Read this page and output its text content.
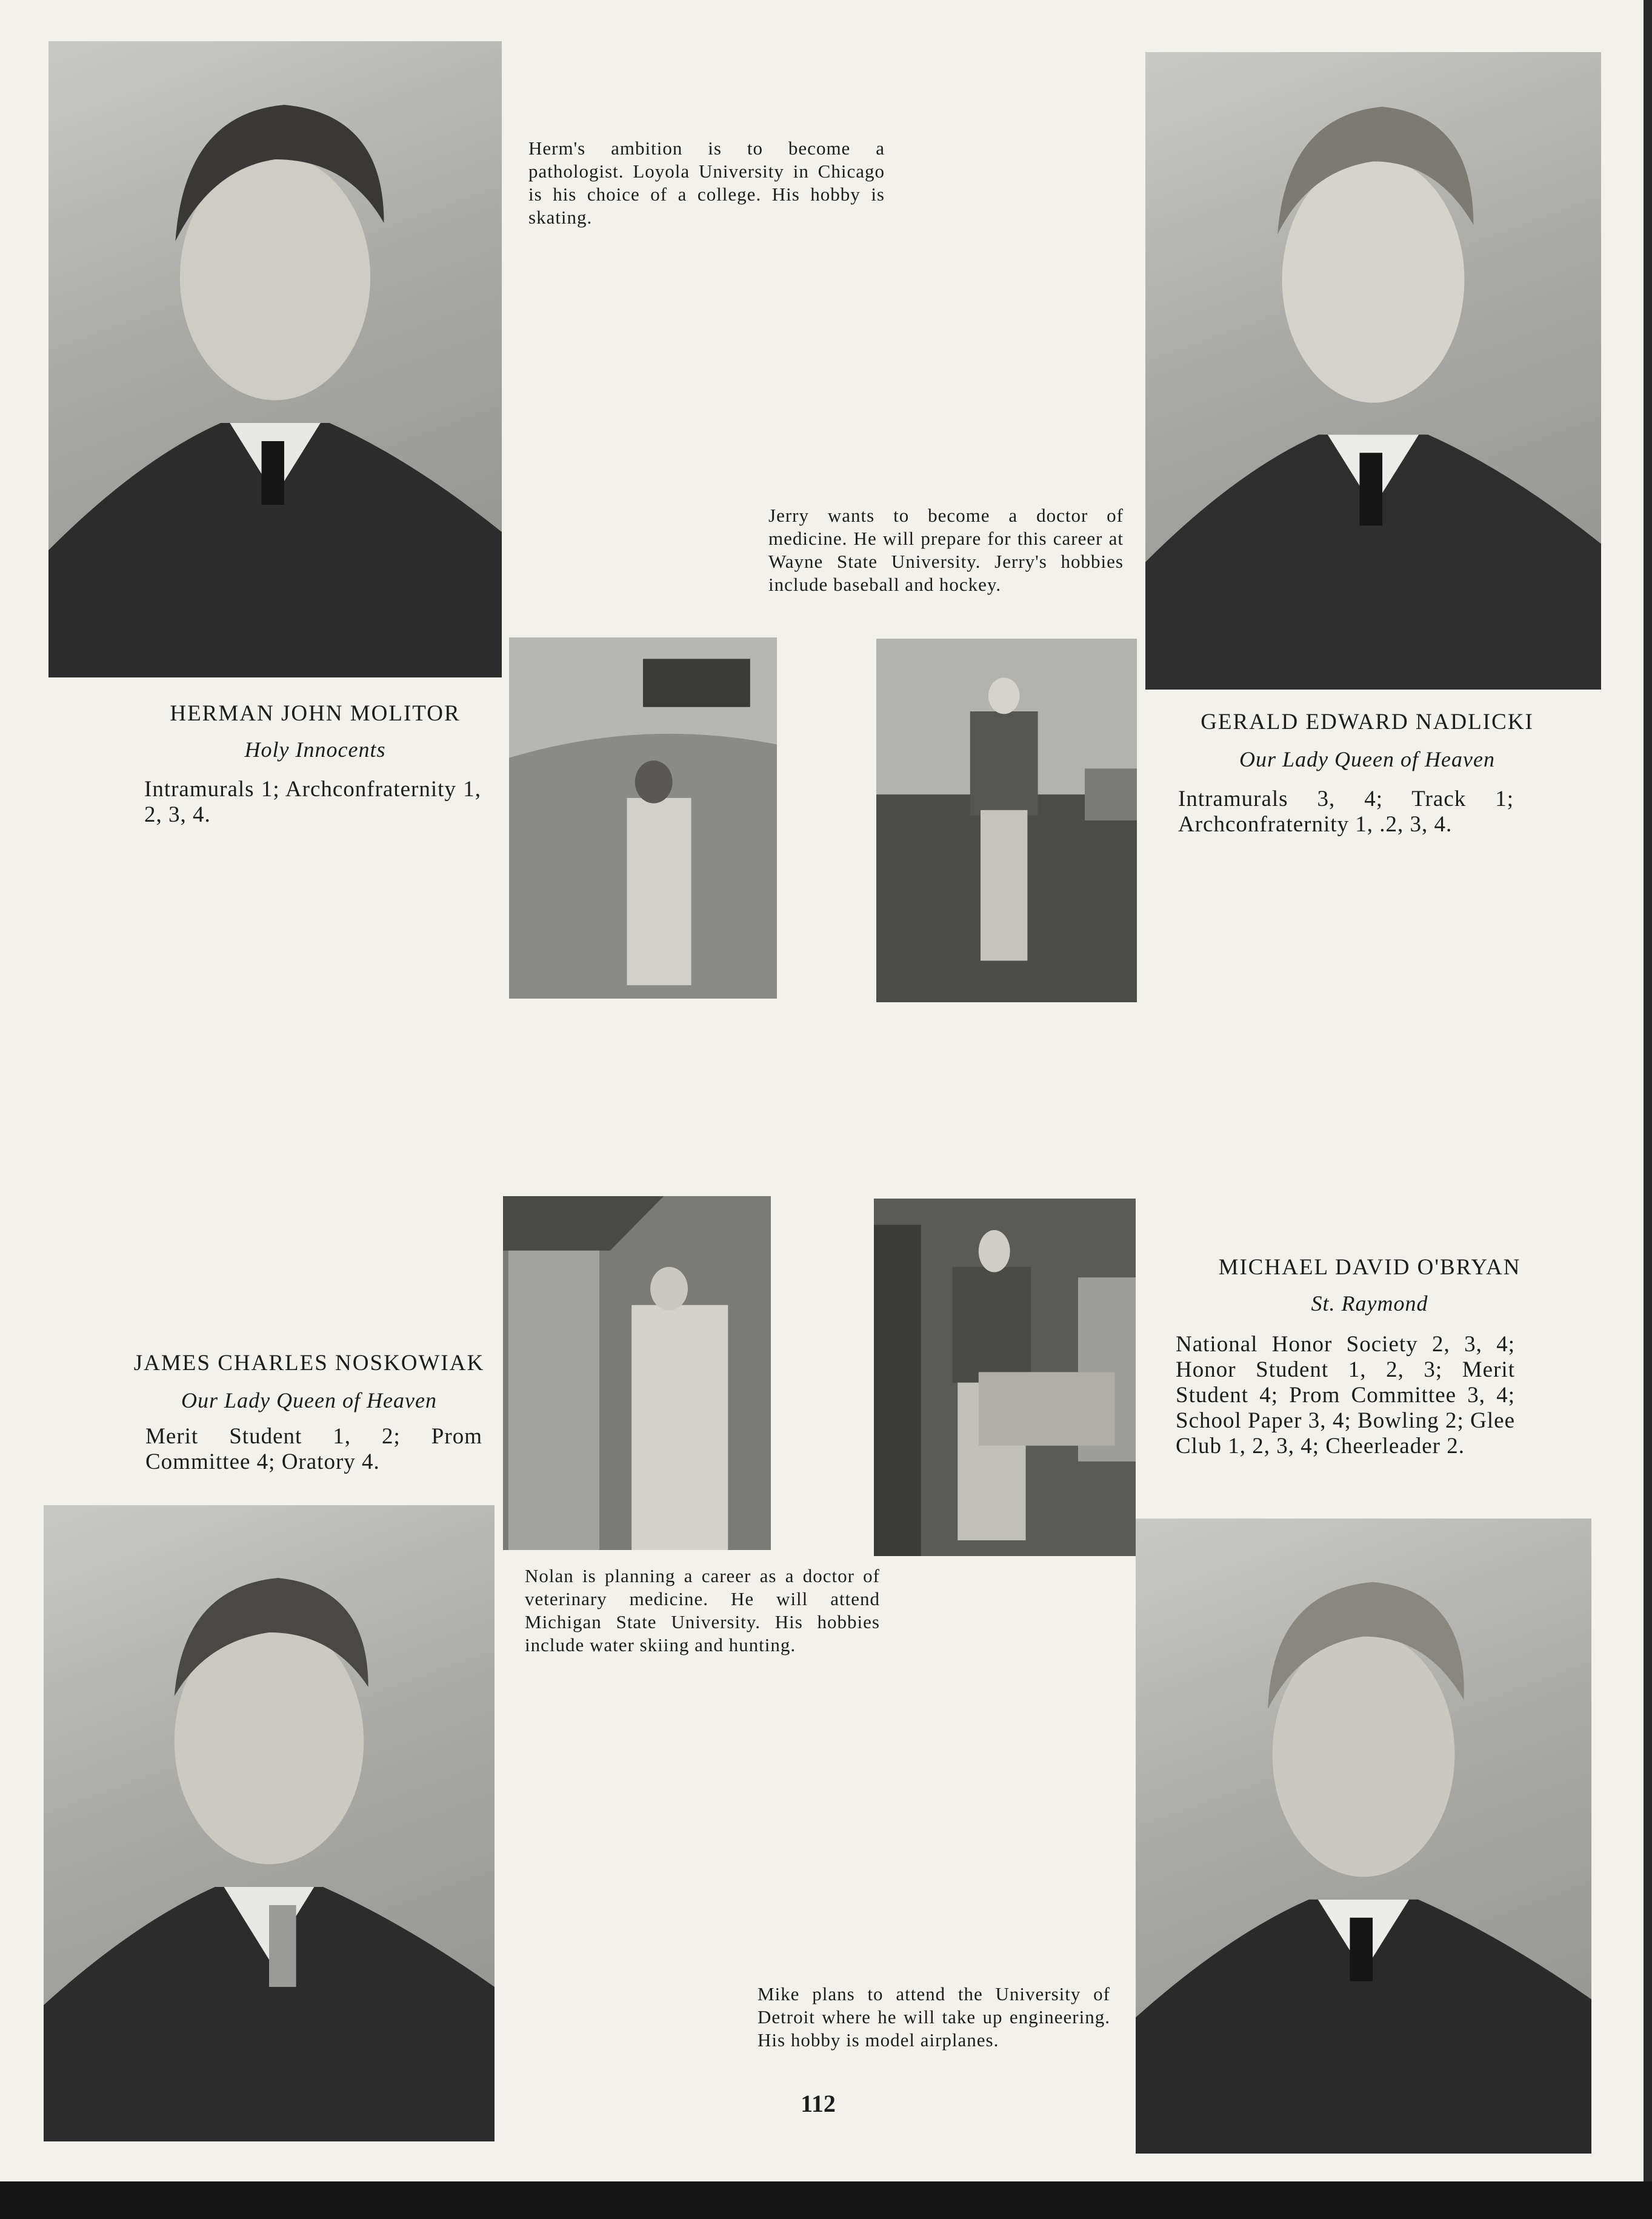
Herm's ambition is to become a pathologist. Loyola University in Chicago is his choice of a college. His hobby is skating.

Jerry wants to become a doctor of medicine. He will prepare for this career at Wayne State University. Jerry's hobbies include baseball and hockey.

HERMAN JOHN MOLITOR

Holy Innocents

Intramurals 1; Archconfraternity 1, 2, 3, 4.

GERALD EDWARD NADLICKI

Our Lady Queen of Heaven

Intramurals 3, 4; Track 1; Archconfraternity 1, .2, 3, 4.

MICHAEL DAVID O'BRYAN

St. Raymond

National Honor Society 2, 3, 4; Honor Student 1, 2, 3; Merit Student 4; Prom Committee 3, 4; School Paper 3, 4; Bowling 2; Glee Club 1, 2, 3, 4; Cheerleader 2.

JAMES CHARLES NOSKOWIAK

Our Lady Queen of Heaven

Merit Student 1, 2; Prom Committee 4; Oratory 4.

Nolan is planning a career as a doctor of veterinary medicine. He will attend Michigan State University. His hobbies include water skiing and hunting.

Mike plans to attend the University of Detroit where he will take up engineering. His hobby is model airplanes.

112
